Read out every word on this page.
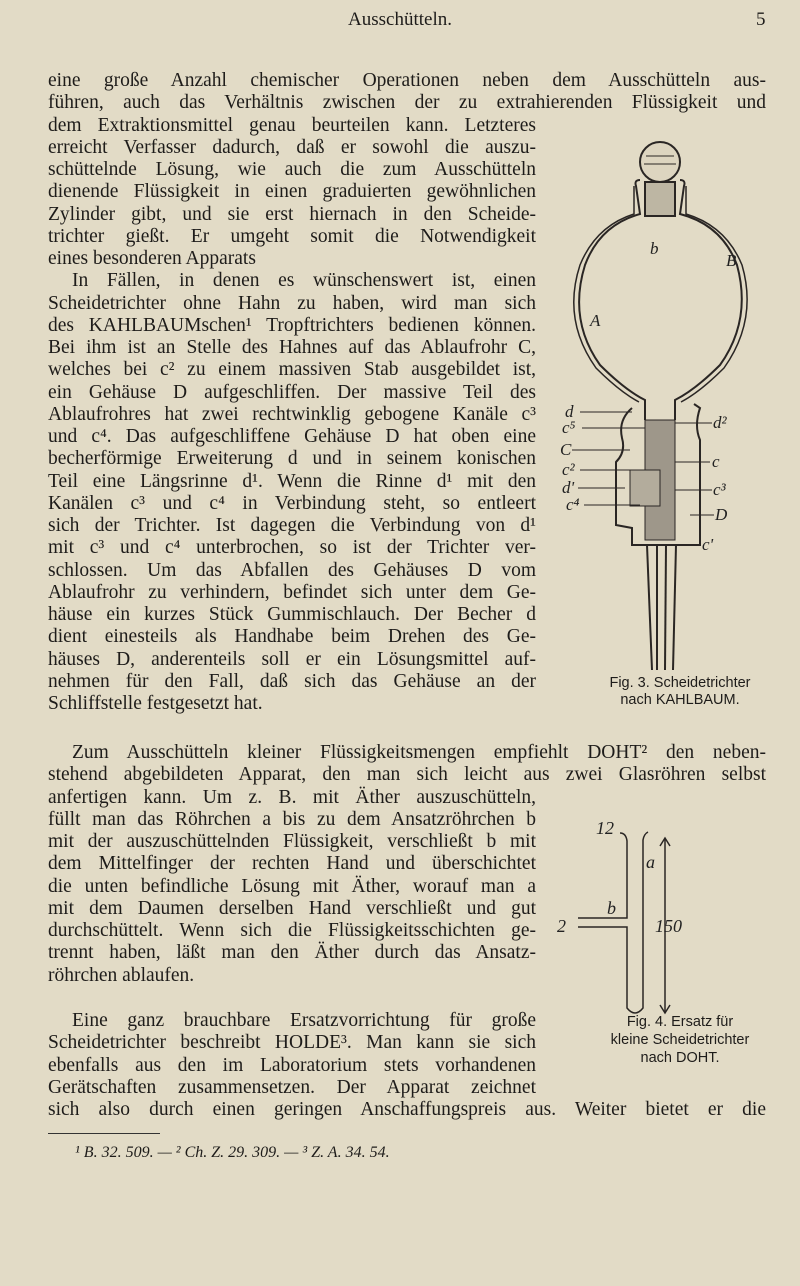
Ausschütteln.	5
eine große Anzahl chemischer Operationen neben dem Ausschütteln aus-
führen, auch das Verhältnis zwischen der zu extrahierenden Flüssigkeit und
dem Extraktionsmittel genau beurteilen kann. Letzteres
erreicht Verfasser dadurch, daß er sowohl die auszu-
schüttelnde Lösung, wie auch die zum Ausschütteln
dienende Flüssigkeit in einen graduierten gewöhnlichen
Zylinder gibt, und sie erst hiernach in den Scheide-
trichter gießt. Er umgeht somit die Notwendigkeit
eines besonderen Apparats
In Fällen, in denen es wünschenswert ist, einen
Scheidetrichter ohne Hahn zu haben, wird man sich
des KAHLBAUMschen¹ Tropftrichters bedienen können.
Bei ihm ist an Stelle des Hahnes auf das Ablaufrohr C,
welches bei c² zu einem massiven Stab ausgebildet ist,
ein Gehäuse D aufgeschliffen. Der massive Teil des
Ablaufrohres hat zwei rechtwinklig gebogene Kanäle c³
und c⁴. Das aufgeschliffene Gehäuse D hat oben eine
becherförmige Erweiterung d und in seinem konischen
Teil eine Längsrinne d¹. Wenn die Rinne d¹ mit den
Kanälen c³ und c⁴ in Verbindung steht, so entleert
sich der Trichter. Ist dagegen die Verbindung von d¹
mit c³ und c⁴ unterbrochen, so ist der Trichter ver-
schlossen. Um das Abfallen des Gehäuses D vom
Ablaufrohr zu verhindern, befindet sich unter dem Ge-
häuse ein kurzes Stück Gummischlauch. Der Becher d
dient einesteils als Handhabe beim Drehen des Ge-
häuses D, anderenteils soll er ein Lösungsmittel auf-
nehmen für den Fall, daß sich das Gehäuse an der
Schliffstelle festgesetzt hat.
Zum Ausschütteln kleiner Flüssigkeitsmengen empfiehlt DOHT² den neben-
stehend abgebildeten Apparat, den man sich leicht aus zwei Glasröhren selbst
anfertigen kann. Um z. B. mit Äther auszuschütteln,
füllt man das Röhrchen a bis zu dem Ansatzröhrchen b
mit der auszuschüttelnden Flüssigkeit, verschließt b mit
dem Mittelfinger der rechten Hand und überschichtet
die unten befindliche Lösung mit Äther, worauf man a
mit dem Daumen derselben Hand verschließt und gut
durchschüttelt. Wenn sich die Flüssigkeitsschichten ge-
trennt haben, läßt man den Äther durch das Ansatz-
röhrchen ablaufen.
Eine ganz brauchbare Ersatzvorrichtung für große
Scheidetrichter beschreibt HOLDE³. Man kann sie sich
ebenfalls aus den im Laboratorium stets vorhandenen
Gerätschaften zusammensetzen. Der Apparat zeichnet
sich also durch einen geringen Anschaffungspreis aus. Weiter bietet er die
b
B
A
d
c⁵
C
c²
d'
c⁴
d²
c
c³
D
c'
12
a
b
2	150
Fig. 3. Scheidetrichter
nach KAHLBAUM.
Fig. 4. Ersatz für
kleine Scheidetrichter
nach DOHT.
¹ B. 32. 509. — ² Ch. Z. 29. 309. — ³ Z. A. 34. 54.
